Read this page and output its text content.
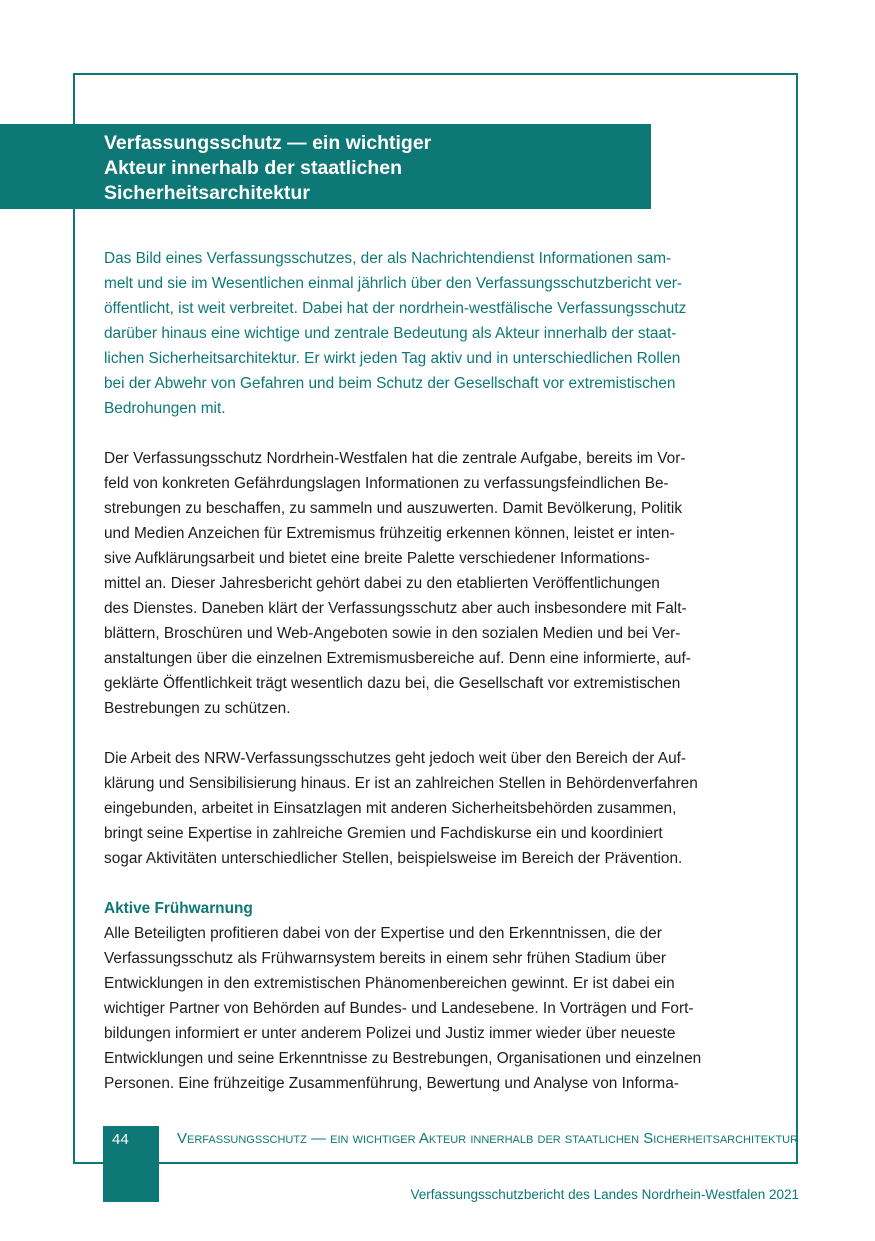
Verfassungsschutz — ein wichtiger
Akteur innerhalb der staatlichen
Sicherheitsarchitektur

Das Bild eines Verfassungsschutzes, der als Nachrichtendienst Informationen sam-
melt und sie im Wesentlichen einmal jährlich über den Verfassungsschutzbericht ver-
öffentlicht, ist weit verbreitet. Dabei hat der nordrhein-westfälische Verfassungsschutz
darüber hinaus eine wichtige und zentrale Bedeutung als Akteur innerhalb der staat-
lichen Sicherheitsarchitektur. Er wirkt jeden Tag aktiv und in unterschiedlichen Rollen
bei der Abwehr von Gefahren und beim Schutz der Gesellschaft vor extremistischen
Bedrohungen mit.

Der Verfassungsschutz Nordrhein-Westfalen hat die zentrale Aufgabe, bereits im Vor-
feld von konkreten Gefährdungslagen Informationen zu verfassungsfeindlichen Be-
strebungen zu beschaffen, zu sammeln und auszuwerten. Damit Bevölkerung, Politik
und Medien Anzeichen für Extremismus frühzeitig erkennen können, leistet er inten-
sive Aufklärungsarbeit und bietet eine breite Palette verschiedener Informations-
mittel an. Dieser Jahresbericht gehört dabei zu den etablierten Veröffentlichungen
des Dienstes. Daneben klärt der Verfassungsschutz aber auch insbesondere mit Falt-
blättern, Broschüren und Web-Angeboten sowie in den sozialen Medien und bei Ver-
anstaltungen über die einzelnen Extremismusbereiche auf. Denn eine informierte, auf-
geklärte Öffentlichkeit trägt wesentlich dazu bei, die Gesellschaft vor extremistischen
Bestrebungen zu schützen.

Die Arbeit des NRW-Verfassungsschutzes geht jedoch weit über den Bereich der Auf-
klärung und Sensibilisierung hinaus. Er ist an zahlreichen Stellen in Behördenverfahren
eingebunden, arbeitet in Einsatzlagen mit anderen Sicherheitsbehörden zusammen,
bringt seine Expertise in zahlreiche Gremien und Fachdiskurse ein und koordiniert
sogar Aktivitäten unterschiedlicher Stellen, beispielsweise im Bereich der Prävention.

Aktive Frühwarnung
Alle Beteiligten profitieren dabei von der Expertise und den Erkenntnissen, die der
Verfassungsschutz als Frühwarnsystem bereits in einem sehr frühen Stadium über
Entwicklungen in den extremistischen Phänomenbereichen gewinnt. Er ist dabei ein
wichtiger Partner von Behörden auf Bundes- und Landesebene. In Vorträgen und Fort-
bildungen informiert er unter anderem Polizei und Justiz immer wieder über neueste
Entwicklungen und seine Erkenntnisse zu Bestrebungen, Organisationen und einzelnen
Personen. Eine frühzeitige Zusammenführung, Bewertung und Analyse von Informa-

44	Verfassungsschutz — ein wichtiger Akteur innerhalb der staatlichen Sicherheitsarchitektur
Verfassungsschutzbericht des Landes Nordrhein-Westfalen 2021
